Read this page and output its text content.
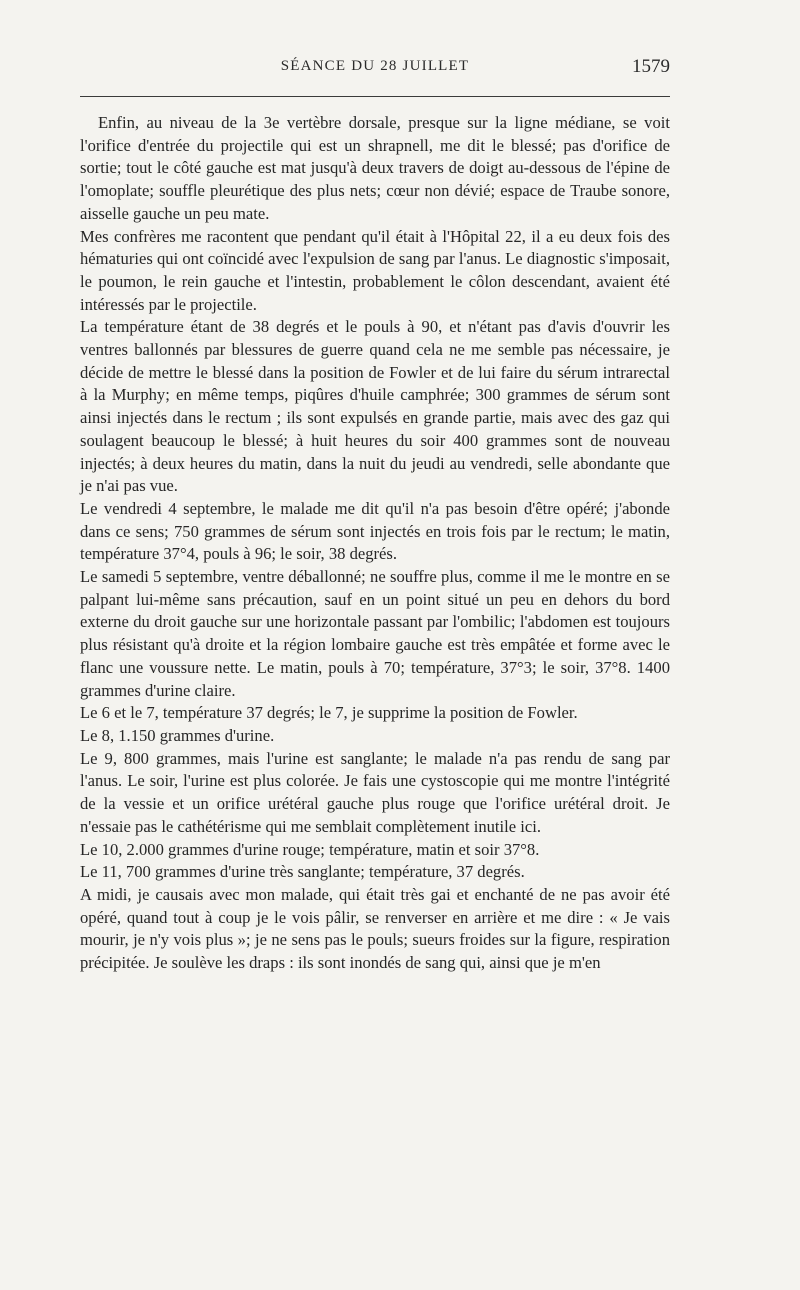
SÉANCE DU 28 JUILLET	1579

Enfin, au niveau de la 3e vertèbre dorsale, presque sur la ligne médiane, se voit l'orifice d'entrée du projectile qui est un shrapnell, me dit le blessé; pas d'orifice de sortie; tout le côté gauche est mat jusqu'à deux travers de doigt au-dessous de l'épine de l'omoplate; souffle pleurétique des plus nets; cœur non dévié; espace de Traube sonore, aisselle gauche un peu mate.

Mes confrères me racontent que pendant qu'il était à l'Hôpital 22, il a eu deux fois des hématuries qui ont coïncidé avec l'expulsion de sang par l'anus. Le diagnostic s'imposait, le poumon, le rein gauche et l'intestin, probablement le côlon descendant, avaient été intéressés par le projectile.

La température étant de 38 degrés et le pouls à 90, et n'étant pas d'avis d'ouvrir les ventres ballonnés par blessures de guerre quand cela ne me semble pas nécessaire, je décide de mettre le blessé dans la position de Fowler et de lui faire du sérum intrarectal à la Murphy; en même temps, piqûres d'huile camphrée; 300 grammes de sérum sont ainsi injectés dans le rectum ; ils sont expulsés en grande partie, mais avec des gaz qui soulagent beaucoup le blessé; à huit heures du soir 400 grammes sont de nouveau injectés; à deux heures du matin, dans la nuit du jeudi au vendredi, selle abondante que je n'ai pas vue.

Le vendredi 4 septembre, le malade me dit qu'il n'a pas besoin d'être opéré; j'abonde dans ce sens; 750 grammes de sérum sont injectés en trois fois par le rectum; le matin, température 37°4, pouls à 96; le soir, 38 degrés.

Le samedi 5 septembre, ventre déballonné; ne souffre plus, comme il me le montre en se palpant lui-même sans précaution, sauf en un point situé un peu en dehors du bord externe du droit gauche sur une horizontale passant par l'ombilic; l'abdomen est toujours plus résistant qu'à droite et la région lombaire gauche est très empâtée et forme avec le flanc une voussure nette. Le matin, pouls à 70; température, 37°3; le soir, 37°8. 1400 grammes d'urine claire.

Le 6 et le 7, température 37 degrés; le 7, je supprime la position de Fowler.

Le 8, 1.150 grammes d'urine.

Le 9, 800 grammes, mais l'urine est sanglante; le malade n'a pas rendu de sang par l'anus. Le soir, l'urine est plus colorée. Je fais une cystoscopie qui me montre l'intégrité de la vessie et un orifice urétéral gauche plus rouge que l'orifice urétéral droit. Je n'essaie pas le cathétérisme qui me semblait complètement inutile ici.

Le 10, 2.000 grammes d'urine rouge; température, matin et soir 37°8.

Le 11, 700 grammes d'urine très sanglante; température, 37 degrés.

A midi, je causais avec mon malade, qui était très gai et enchanté de ne pas avoir été opéré, quand tout à coup je le vois pâlir, se renverser en arrière et me dire : « Je vais mourir, je n'y vois plus »; je ne sens pas le pouls; sueurs froides sur la figure, respiration précipitée. Je soulève les draps : ils sont inondés de sang qui, ainsi que je m'en
